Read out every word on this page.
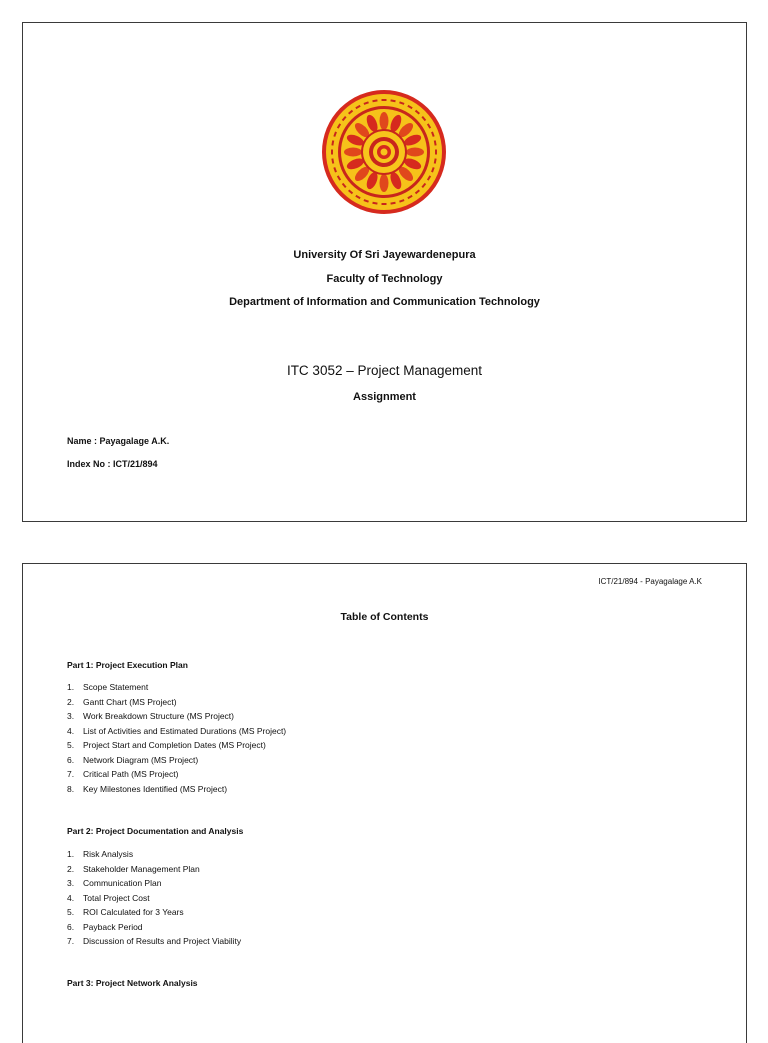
University Of Sri Jayewardenepura
Faculty of Technology
Department of Information and Communication Technology
ITC 3052 – Project Management
Assignment
Name : Payagalage A.K.
Index No : ICT/21/894
ICT/21/894 - Payagalage A.K
Table of Contents
Part 1: Project Execution Plan
1. Scope Statement
2. Gantt Chart (MS Project)
3. Work Breakdown Structure (MS Project)
4. List of Activities and Estimated Durations (MS Project)
5. Project Start and Completion Dates (MS Project)
6. Network Diagram (MS Project)
7. Critical Path (MS Project)
8. Key Milestones Identified (MS Project)
Part 2: Project Documentation and Analysis
1. Risk Analysis
2. Stakeholder Management Plan
3. Communication Plan
4. Total Project Cost
5. ROI Calculated for 3 Years
6. Payback Period
7. Discussion of Results and Project Viability
Part 3: Project Network Analysis
